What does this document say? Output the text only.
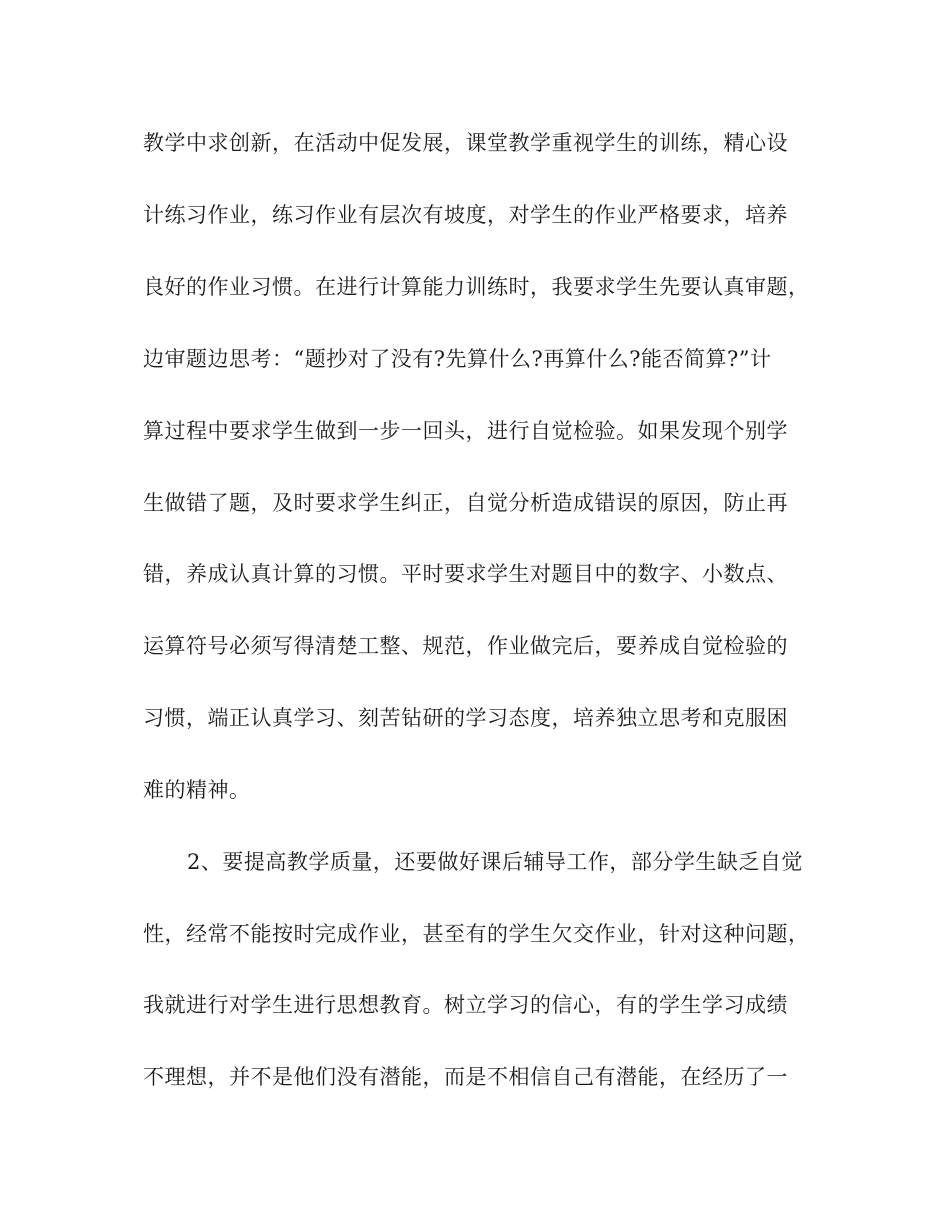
教学中求创新，在活动中促发展，课堂教学重视学生的训练，精心设
计练习作业，练习作业有层次有坡度，对学生的作业严格要求，培养
良好的作业习惯。在进行计算能力训练时，我要求学生先要认真审题，
边审题边思考：“题抄对了没有?先算什么?再算什么?能否简算?”计
算过程中要求学生做到一步一回头，进行自觉检验。如果发现个别学
生做错了题，及时要求学生纠正，自觉分析造成错误的原因，防止再
错，养成认真计算的习惯。平时要求学生对题目中的数字、小数点、
运算符号必须写得清楚工整、规范，作业做完后，要养成自觉检验的
习惯，端正认真学习、刻苦钻研的学习态度，培养独立思考和克服困
难的精神。
2、要提高教学质量，还要做好课后辅导工作，部分学生缺乏自觉
性，经常不能按时完成作业，甚至有的学生欠交作业，针对这种问题，
我就进行对学生进行思想教育。树立学习的信心，有的学生学习成绩
不理想，并不是他们没有潜能，而是不相信自己有潜能，在经历了一
